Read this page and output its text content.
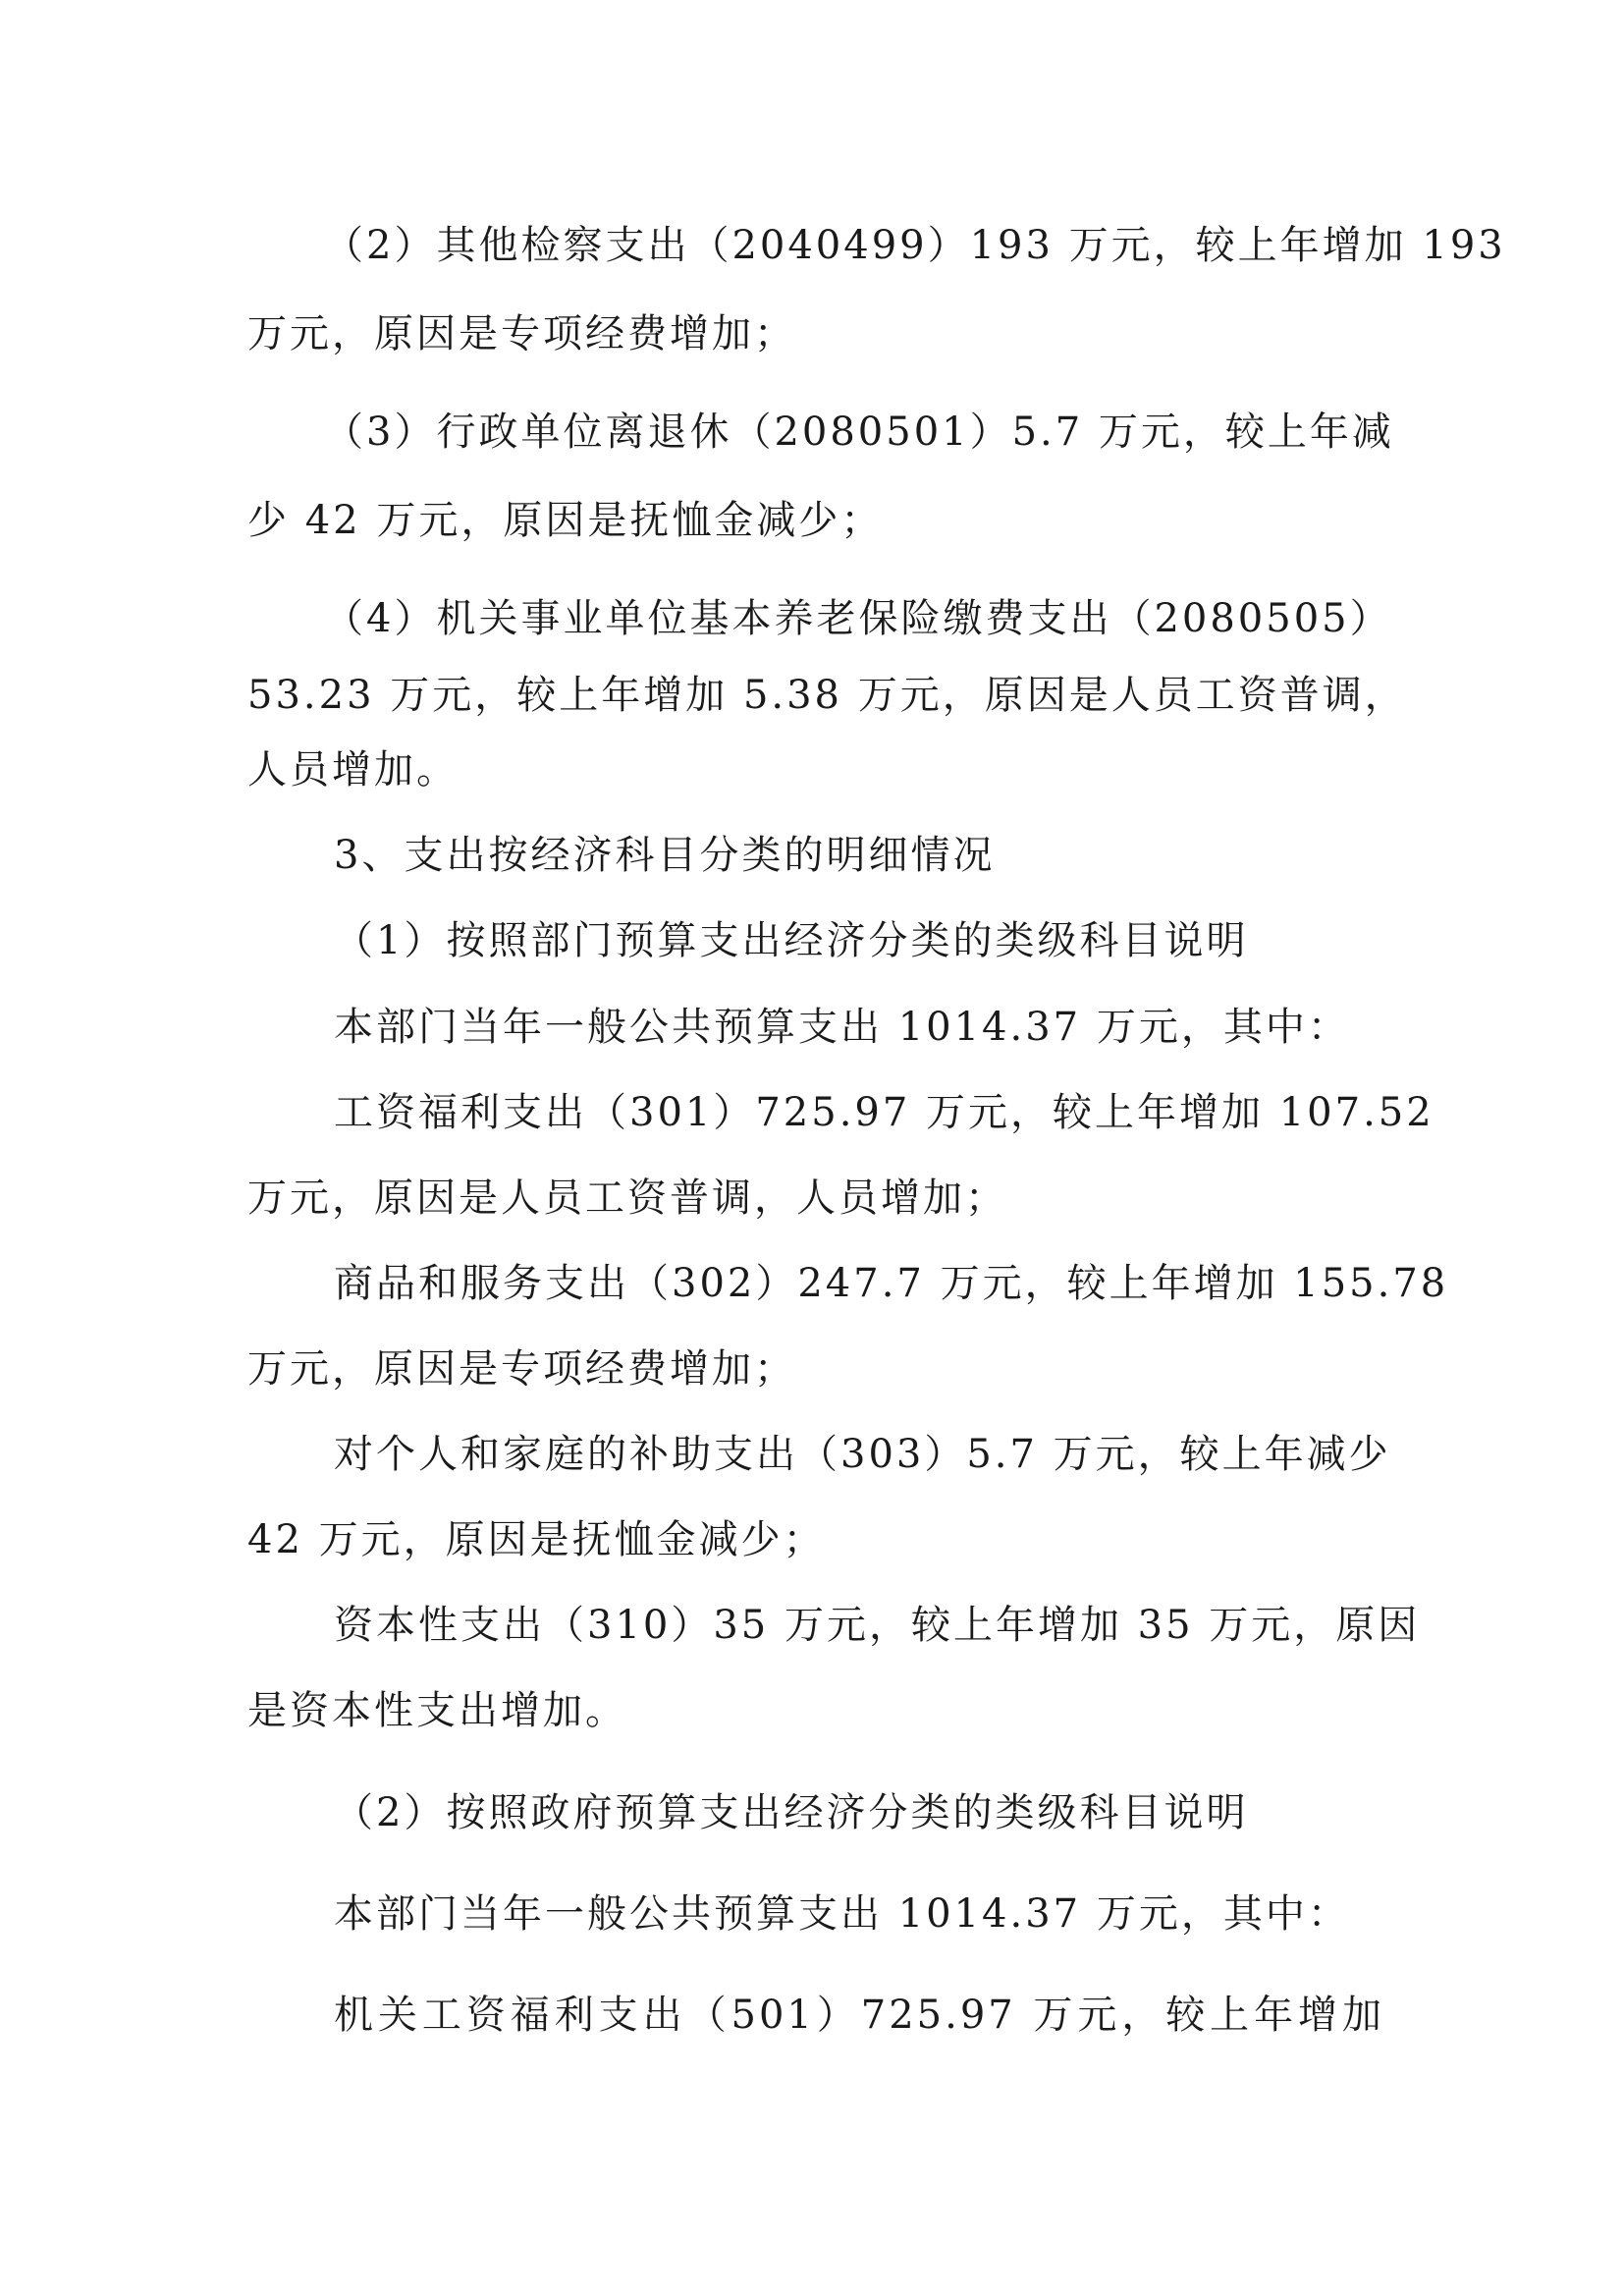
（2）其他检察支出（2040499）193 万元，较上年增加 193

万元，原因是专项经费增加；

（3）行政单位离退休（2080501）5.7 万元，较上年减

少 42 万元，原因是抚恤金减少；

（4）机关事业单位基本养老保险缴费支出（2080505）

53.23 万元，较上年增加 5.38 万元，原因是人员工资普调，

人员增加。

3、支出按经济科目分类的明细情况

（1）按照部门预算支出经济分类的类级科目说明

本部门当年一般公共预算支出 1014.37 万元，其中：

工资福利支出（301）725.97 万元，较上年增加 107.52

万元，原因是人员工资普调，人员增加；

商品和服务支出（302）247.7 万元，较上年增加 155.78

万元，原因是专项经费增加；

对个人和家庭的补助支出（303）5.7 万元，较上年减少

42 万元，原因是抚恤金减少；

资本性支出（310）35 万元，较上年增加 35 万元，原因

是资本性支出增加。

（2）按照政府预算支出经济分类的类级科目说明

本部门当年一般公共预算支出 1014.37 万元，其中：

机关工资福利支出（501）725.97 万元，较上年增加
